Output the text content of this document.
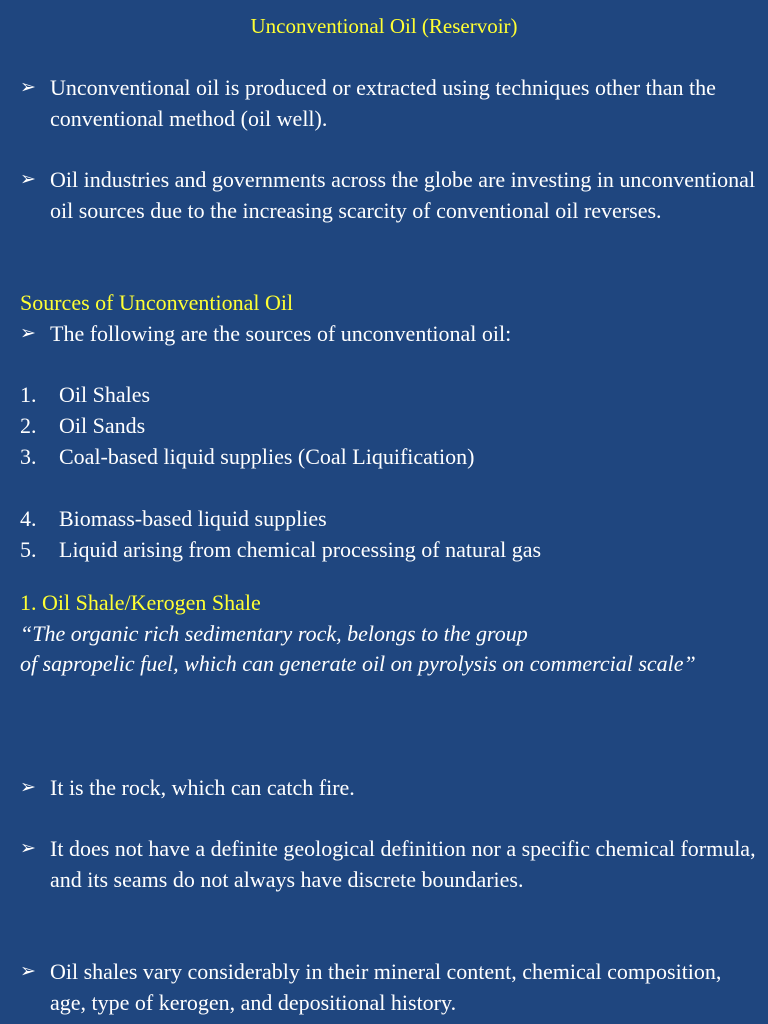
Unconventional Oil (Reservoir)
➢ Unconventional oil is produced or extracted using techniques other than the conventional method (oil well).
➢ Oil industries and governments across the globe are investing in unconventional oil sources due to the increasing scarcity of conventional oil reverses.
Sources of Unconventional Oil
➢ The following are the sources of unconventional oil:
1.	Oil Shales
2.	Oil Sands
3.	Coal-based liquid supplies (Coal Liquification)
4.	Biomass-based liquid supplies
5.	Liquid arising from chemical processing of natural gas
1. Oil Shale/Kerogen Shale
“The organic rich sedimentary rock, belongs to the group
of sapropelic fuel, which can generate oil on pyrolysis on commercial scale”
➢ It is the rock, which can catch fire.
➢ It does not have a definite geological definition nor a specific chemical formula, and its seams do not always have discrete boundaries.
➢ Oil shales vary considerably in their mineral content, chemical composition, age, type of kerogen, and depositional history.
